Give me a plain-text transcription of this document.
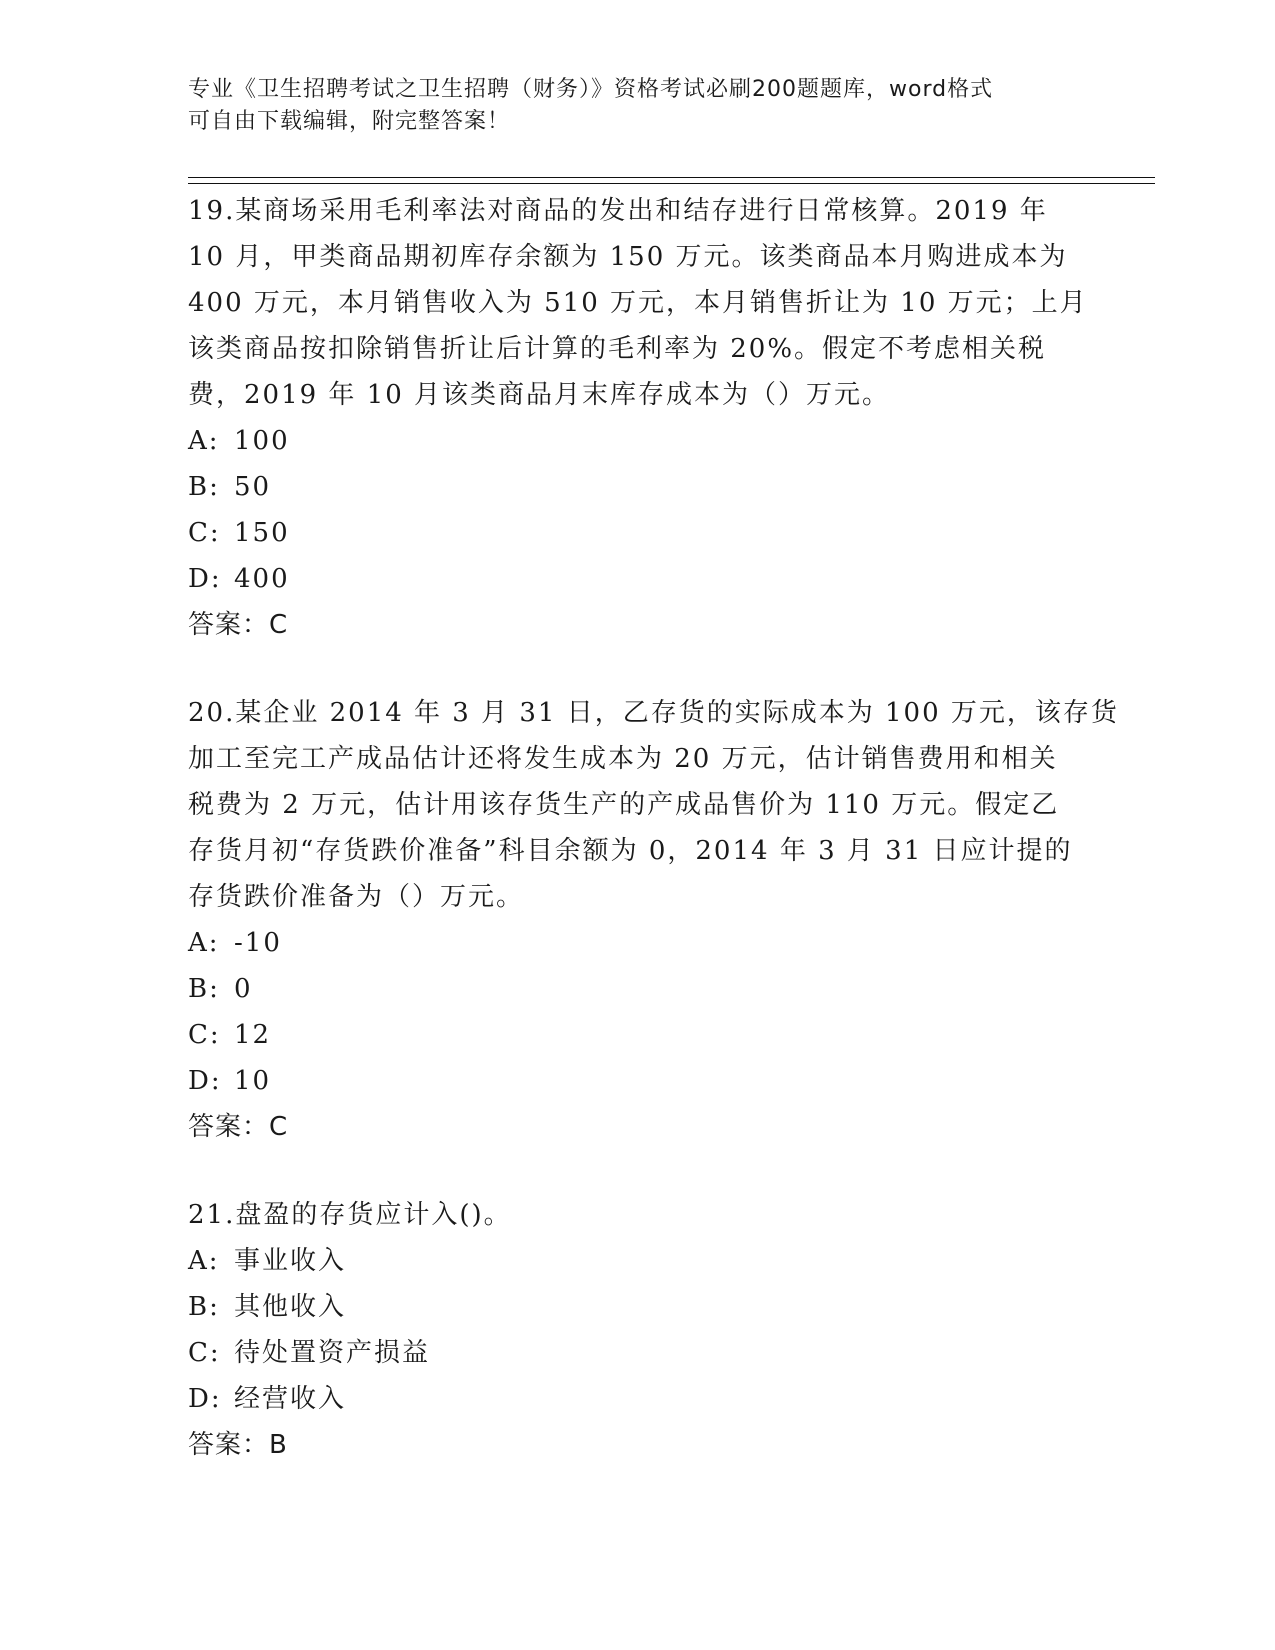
专业《卫生招聘考试之卫生招聘（财务）》资格考试必刷200题题库，word格式
可自由下载编辑，附完整答案！
19.某商场采用毛利率法对商品的发出和结存进行日常核算。2019 年
10 月，甲类商品期初库存余额为 150 万元。该类商品本月购进成本为
400 万元，本月销售收入为 510 万元，本月销售折让为 10 万元；上月
该类商品按扣除销售折让后计算的毛利率为 20%。假定不考虑相关税
费，2019 年 10 月该类商品月末库存成本为（）万元。
A: 100
B: 50
C: 150
D: 400
答案：C
20.某企业 2014 年 3 月 31 日，乙存货的实际成本为 100 万元，该存货
加工至完工产成品估计还将发生成本为 20 万元，估计销售费用和相关
税费为 2 万元，估计用该存货生产的产成品售价为 110 万元。假定乙
存货月初“存货跌价准备”科目余额为 0，2014 年 3 月 31 日应计提的
存货跌价准备为（）万元。
A: -10
B: 0
C: 12
D: 10
答案：C
21.盘盈的存货应计入()。
A: 事业收入
B: 其他收入
C: 待处置资产损益
D: 经营收入
答案：B
